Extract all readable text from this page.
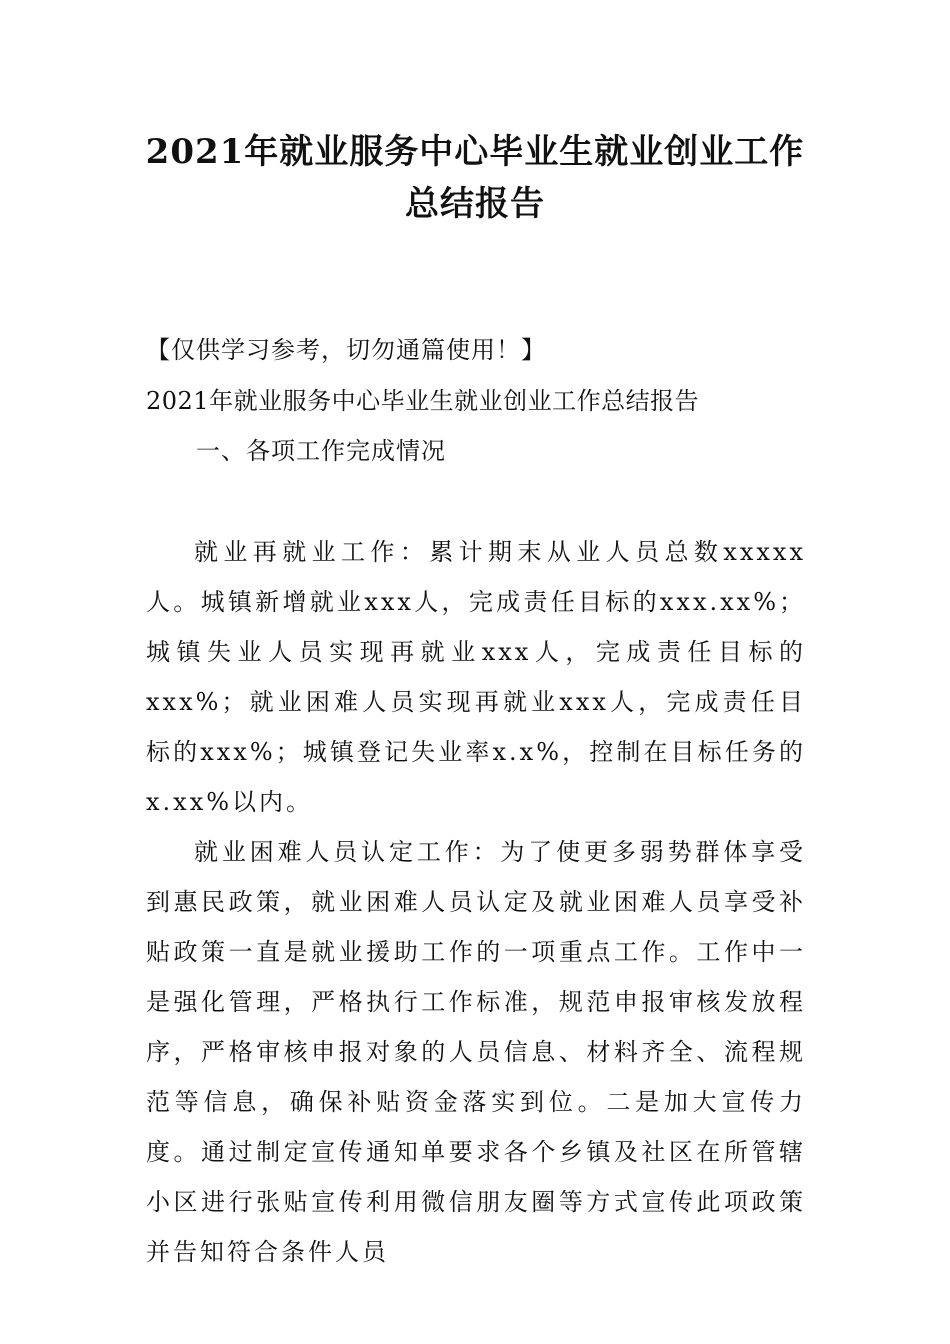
2021年就业服务中心毕业生就业创业工作
总结报告

【仅供学习参考，切勿通篇使用！】

2021年就业服务中心毕业生就业创业工作总结报告

一、各项工作完成情况

就业再就业工作：累计期末从业人员总数xxxxx人。城镇新增就业xxx人，完成责任目标的xxx.xx%；城镇失业人员实现再就业xxx人，完成责任目标的xxx%；就业困难人员实现再就业xxx人，完成责任目标的xxx%；城镇登记失业率x.x%，控制在目标任务的x.xx%以内。

就业困难人员认定工作：为了使更多弱势群体享受到惠民政策，就业困难人员认定及就业困难人员享受补贴政策一直是就业援助工作的一项重点工作。工作中一是强化管理，严格执行工作标准，规范申报审核发放程序，严格审核申报对象的人员信息、材料齐全、流程规范等信息，确保补贴资金落实到位。二是加大宣传力度。通过制定宣传通知单要求各个乡镇及社区在所管辖小区进行张贴宣传利用微信朋友圈等方式宣传此项政策并告知符合条件人员
